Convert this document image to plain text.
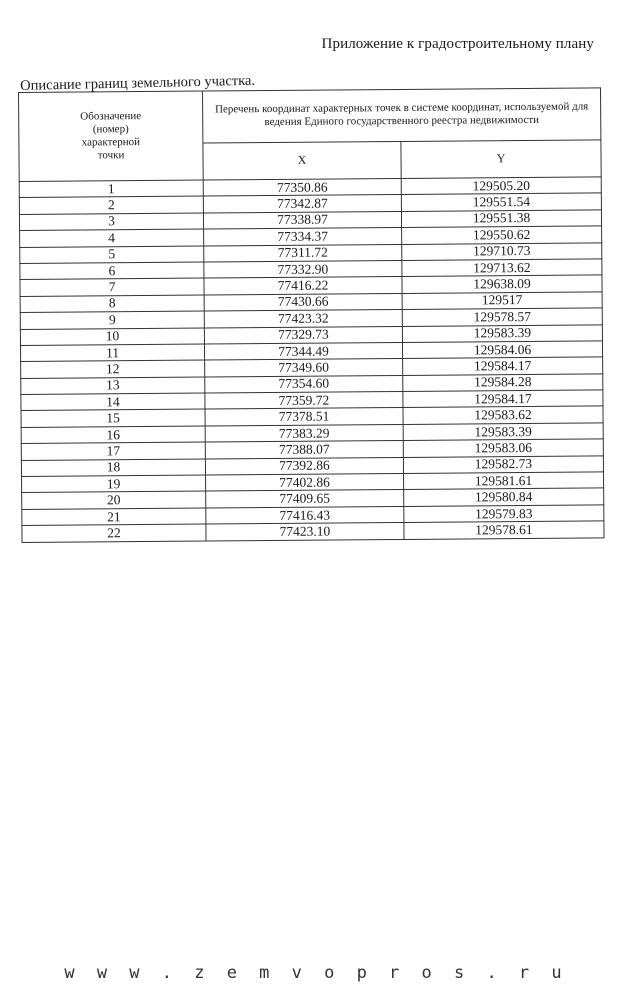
Приложение к градостроительному плану
Описание границ земельного участка.
Обозначение
(номер)
характерной
точки	Перечень координат характерных точек в системе координат, используемой для ведения Единого государственного реестра недвижимости	
	X	Y
1	77350.86	129505.20
2	77342.87	129551.54
3	77338.97	129551.38
4	77334.37	129550.62
5	77311.72	129710.73
6	77332.90	129713.62
7	77416.22	129638.09
8	77430.66	129517
9	77423.32	129578.57
10	77329.73	129583.39
11	77344.49	129584.06
12	77349.60	129584.17
13	77354.60	129584.28
14	77359.72	129584.17
15	77378.51	129583.62
16	77383.29	129583.39
17	77388.07	129583.06
18	77392.86	129582.73
19	77402.86	129581.61
20	77409.65	129580.84
21	77416.43	129579.83
22	77423.10	129578.61
w w w . z e m v o p r o s . r u
